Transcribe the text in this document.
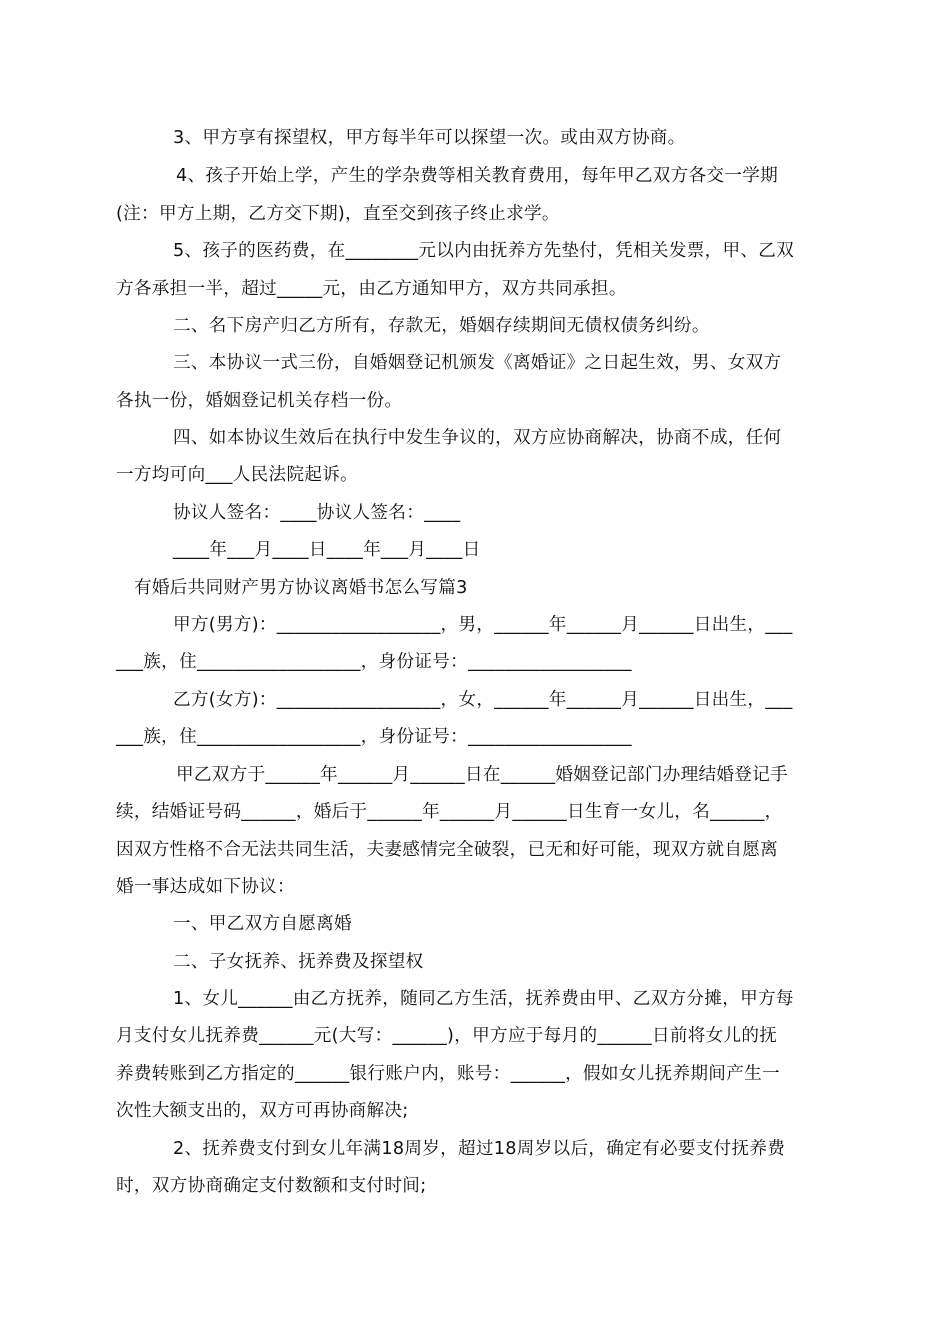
3、甲方享有探望权，甲方每半年可以探望一次。或由双方协商。
4、孩子开始上学，产生的学杂费等相关教育费用，每年甲乙双方各交一学期
(注：甲方上期，乙方交下期)，直至交到孩子终止求学。
5、孩子的医药费，在________元以内由抚养方先垫付，凭相关发票，甲、乙双
方各承担一半，超过_____元，由乙方通知甲方，双方共同承担。
二、名下房产归乙方所有，存款无，婚姻存续期间无债权债务纠纷。
三、本协议一式三份，自婚姻登记机颁发《离婚证》之日起生效，男、女双方
各执一份，婚姻登记机关存档一份。
四、如本协议生效后在执行中发生争议的，双方应协商解决，协商不成，任何
一方均可向___人民法院起诉。
协议人签名：____协议人签名：____
____年___月____日____年___月____日
有婚后共同财产男方协议离婚书怎么写篇3
甲方(男方)：__________________，男，______年______月______日出生，___
___族，住__________________，身份证号：__________________
乙方(女方)：__________________，女，______年______月______日出生，___
___族，住__________________，身份证号：__________________
甲乙双方于______年______月______日在______婚姻登记部门办理结婚登记手
续，结婚证号码______，婚后于______年______月______日生育一女儿，名______，
因双方性格不合无法共同生活，夫妻感情完全破裂，已无和好可能，现双方就自愿离
婚一事达成如下协议：
一、甲乙双方自愿离婚
二、子女抚养、抚养费及探望权
1、女儿______由乙方抚养，随同乙方生活，抚养费由甲、乙双方分摊，甲方每
月支付女儿抚养费______元(大写：______)，甲方应于每月的______日前将女儿的抚
养费转账到乙方指定的______银行账户内，账号：______，假如女儿抚养期间产生一
次性大额支出的，双方可再协商解决;
2、抚养费支付到女儿年满18周岁，超过18周岁以后，确定有必要支付抚养费
时，双方协商确定支付数额和支付时间;
